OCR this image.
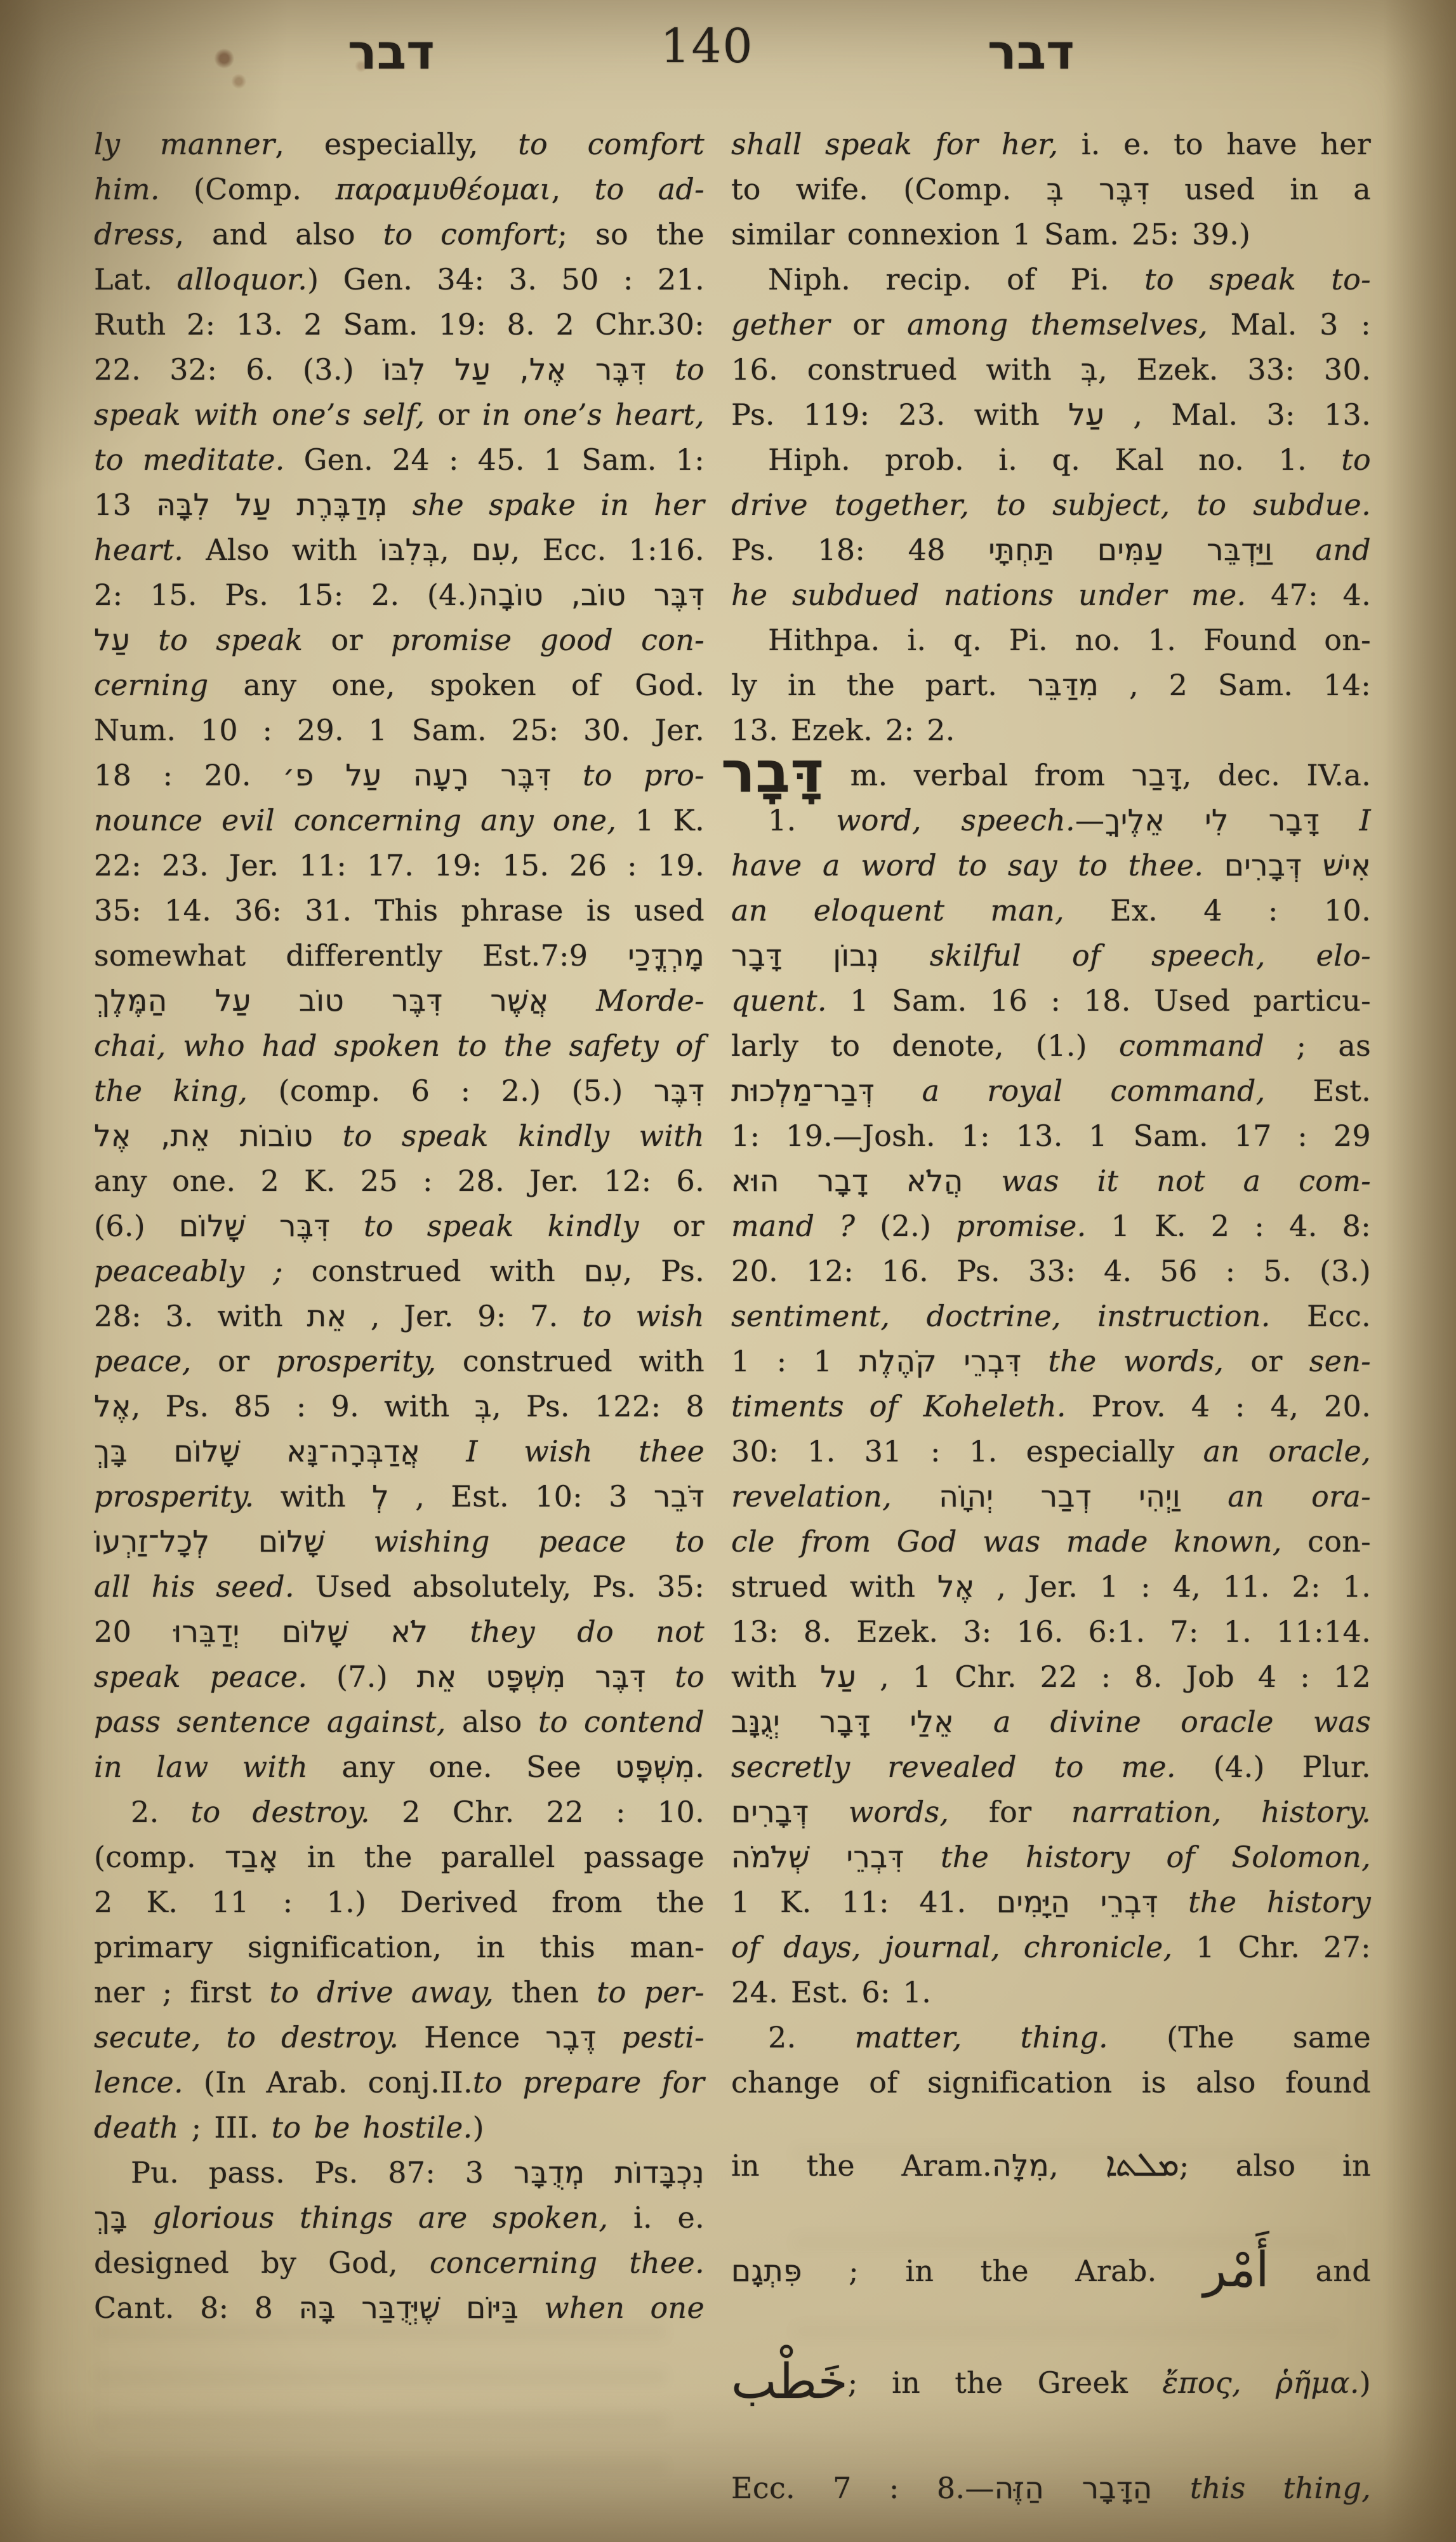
דבר	140	דבר
ly manner, especially, to comfort
him. (Comp. παραμυθέομαι, to ad-
dress, and also to comfort; so the
Lat. alloquor.) Gen. 34: 3. 50 : 21.
Ruth 2: 13. 2 Sam. 19: 8. 2 Chr.30:
22. 32: 6. (3.) דִּבֶּר אֶל, עַל לִבּוֹ to
speak with one’s self, or in one’s heart,
to meditate. Gen. 24 : 45. 1 Sam. 1:
13 מְדַבֶּרֶת עַל לִבָּהּ she spake in her
heart. Also with בְּלִבּוֹ, עִם, Ecc. 1:16.
2: 15. Ps. 15: 2. (4.)דִּבֶּר טוֹב, טוֹבָה
עַל to speak or promise good con-
cerning any one, spoken of God.
Num. 10 : 29. 1 Sam. 25: 30. Jer.
18 : 20. דִּבֶּר רָעָה עַל פ׳ to pro-
nounce evil concerning any one, 1 K.
22: 23. Jer. 11: 17. 19: 15. 26 : 19.
35: 14. 36: 31. This phrase is used
somewhat differently Est.7:9 מָרְדֳּכַי
אֲשֶׁר דִּבֶּר טוֹב עַל הַמֶּלֶךְ Morde-
chai, who had spoken to the safety of
the king, (comp. 6 : 2.) (5.) דִּבֶּר
טוֹבוֹת אֵת, אֶל to speak kindly with
any one. 2 K. 25 : 28. Jer. 12: 6.
(6.) דִּבֶּר שָׁלוֹם to speak kindly or
peaceably ; construed with עִם, Ps.
28: 3. with אֵת , Jer. 9: 7. to wish
peace, or prosperity, construed with
אֶל, Ps. 85 : 9. with בְּ, Ps. 122: 8
אֲדַבְּרָה־נָּא שָׁלוֹם בָּךְ I wish thee
prosperity. with לְ , Est. 10: 3 דֹּבֵר
שָׁלוֹם לְכָל־זַרְעוֹ wishing peace to
all his seed. Used absolutely, Ps. 35:
20 לֹא שָׁלוֹם יְדַבֵּרוּ they do not
speak peace. (7.) דִּבֶּר מִשְׁפָּט אֵת to
pass sentence against, also to contend
in law with any one. See מִשְׁפָּט.
2. to destroy. 2 Chr. 22 : 10.
(comp. אָבַד in the parallel passage
2 K. 11 : 1.) Derived from the
primary signification, in this man-
ner ; first to drive away, then to per-
secute, to destroy. Hence דֶּבֶר pesti-
lence. (In Arab. conj.II.to prepare for
death ; III. to be hostile.)
Pu. pass. Ps. 87: 3 נִכְבָּדוֹת מְדֻבָּר
בָּךְ glorious things are spoken, i. e.
designed by God, concerning thee.
Cant. 8: 8 בַּיּוֹם שֶׁיְּדֻבַּר בָּהּ when one
shall speak for her, i. e. to have her
to wife. (Comp. דִּבֶּר בְּ used in a
similar connexion 1 Sam. 25: 39.)
Niph. recip. of Pi. to speak to-
gether or among themselves, Mal. 3 :
16. construed with בְּ, Ezek. 33: 30.
Ps. 119: 23. with עַל , Mal. 3: 13.
Hiph. prob. i. q. Kal no. 1. to
drive together, to subject, to subdue.
Ps. 18: 48 וַיַּדְבֵּר עַמִּים תַּחְתָּי and
he subdued nations under me. 47: 4.
Hithpa. i. q. Pi. no. 1. Found on-
ly in the part. מִדַּבֵּר , 2 Sam. 14:
13. Ezek. 2: 2.
דָּבָר m. verbal from דָּבַר, dec. IV.a.
1. word, speech.—דָּבָר לִי אֵלֶיךָ I
have a word to say to thee. אִישׁ דְּבָרִים
an eloquent man, Ex. 4 : 10.
נְבוֹן דָּבָר skilful of speech, elo-
quent. 1 Sam. 16 : 18. Used particu-
larly to denote, (1.) command ; as
דְּבַר־מַלְכוּת a royal command, Est.
1: 19.—Josh. 1: 13. 1 Sam. 17 : 29
הֲלֹא דָבָר הוּא was it not a com-
mand ? (2.) promise. 1 K. 2 : 4. 8:
20. 12: 16. Ps. 33: 4. 56 : 5. (3.)
sentiment, doctrine, instruction. Ecc.
1 : 1 דִּבְרֵי קֹהֶלֶת the words, or sen-
timents of Koheleth. Prov. 4 : 4, 20.
30: 1. 31 : 1. especially an oracle,
revelation, וַיְהִי דְבַר יְהוָֹה an ora-
cle from God was made known, con-
strued with אֶל , Jer. 1 : 4, 11. 2: 1.
13: 8. Ezek. 3: 16. 6:1. 7: 1. 11:14.
with עַל , 1 Chr. 22 : 8. Job 4 : 12
אֵלַי דָּבָר יְגֻנָּב a divine oracle was
secretly revealed to me. (4.) Plur.
דְּבָרִים words, for narration, history.
דִּבְרֵי שְׁלֹמֹה the history of Solomon,
1 K. 11: 41. דִּבְרֵי הַיָּמִים the history
of days, journal, chronicle, 1 Chr. 27:
24. Est. 6: 1.
2. matter, thing. (The same
change of signification is also found
in the Aram.מִלָּה, ܡܠܬܐ; also in
פִּתְגָם ; in the Arab. أَمْر and
خَطْب; in the Greek ἔπος, ῥῆμα.)
Ecc. 7 : 8.—הַדָּבָר הַזֶּה this thing,
